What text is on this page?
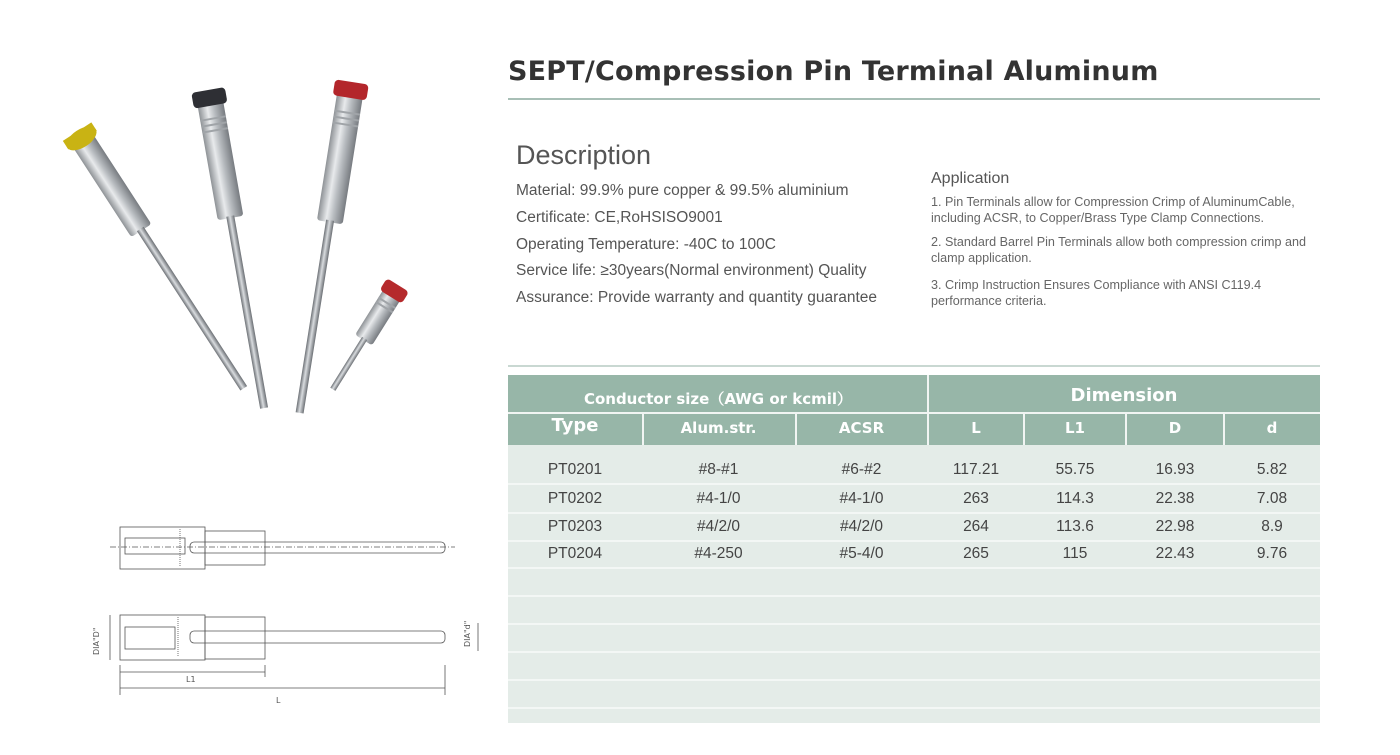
DIA"D"	DIA"d"
L1
L
SEPT/Compression Pin Terminal Aluminum
Description
Material: 99.9% pure copper & 99.5% aluminium
Certificate: CE,RoHSISO9001
Operating Temperature: -40C to 100C
Service life: ≥30years(Normal environment) Quality
Assurance: Provide warranty and quantity guarantee
Application
1. Pin Terminals allow for Compression Crimp of AluminumCable, including ACSR, to Copper/Brass Type Clamp Connections.
2. Standard Barrel Pin Terminals allow both compression crimp and clamp application.
3. Crimp Instruction Ensures Compliance with ANSI C119.4 performance criteria.
Conductor size（AWG or kcmil）	Dimension
Type	Alum.str.	ACSR	L	L1	D	d
PT0201	#8-#1	#6-#2	117.21	55.75	16.93	5.82
PT0202	#4-1/0	#4-1/0	263	114.3	22.38	7.08
PT0203	#4/2/0	#4/2/0	264	113.6	22.98	8.9
PT0204	#4-250	#5-4/0	265	115	22.43	9.76
